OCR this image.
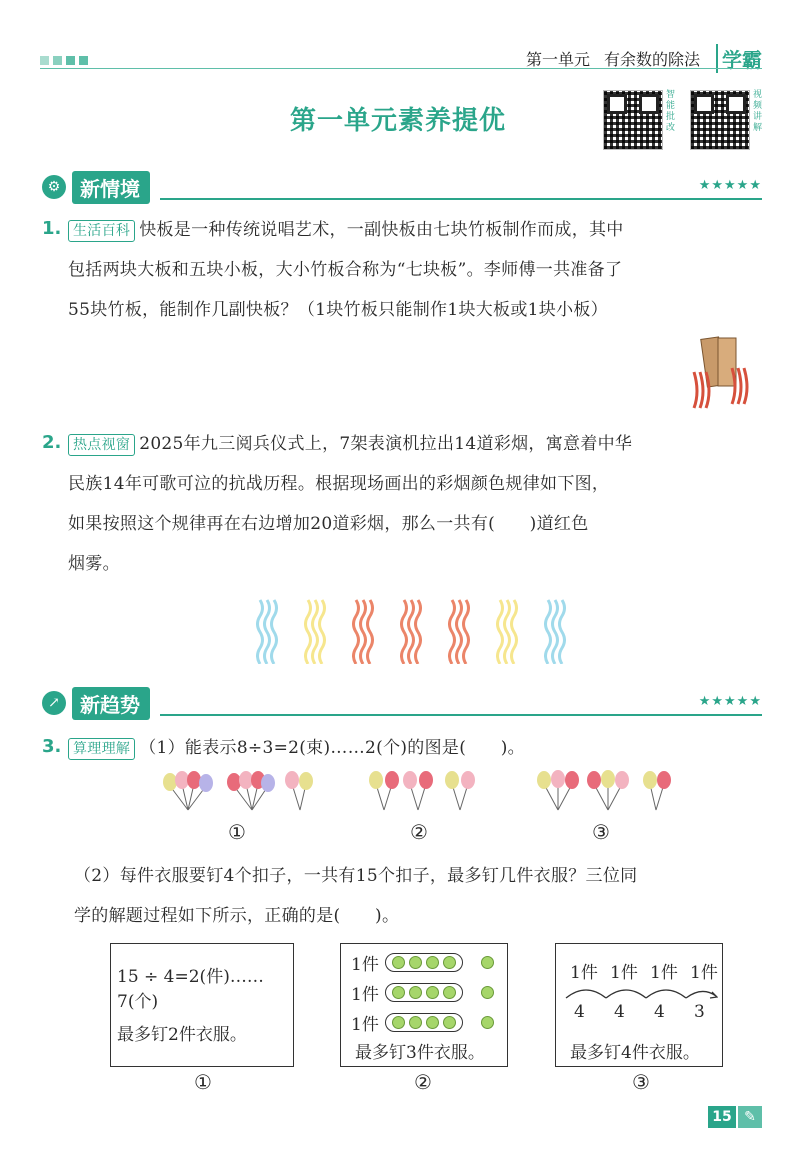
第一单元 有余数的除法	学霸
第一单元素养提优
智能批改
视频讲解
⚙ 新情境	★★★★★
1. 生活百科 快板是一种传统说唱艺术，一副快板由七块竹板制作而成，其中
包括两块大板和五块小板，大小竹板合称为“七块板”。李师傅一共准备了
55块竹板，能制作几副快板？（1块竹板只能制作1块大板或1块小板）
2. 热点视窗 2025年九三阅兵仪式上，7架表演机拉出14道彩烟，寓意着中华
民族14年可歌可泣的抗战历程。根据现场画出的彩烟颜色规律如下图，
如果按照这个规律再在右边增加20道彩烟，那么一共有(　　)道红色
烟雾。
↗	新趋势	★★★★★
3. 算理理解 （1）能表示8÷3=2(束)……2(个)的图是(　　)。
①	②	③
（2）每件衣服要钉4个扣子，一共有15个扣子，最多钉几件衣服？三位同
学的解题过程如下所示，正确的是(　　)。
15 ÷ 4=2(件)……7(个)
最多钉2件衣服。
①
1件
1件
1件
最多钉3件衣服。
②
1件 1件 1件 1件
4	4	4	3
最多钉4件衣服。
③
15 ✎
